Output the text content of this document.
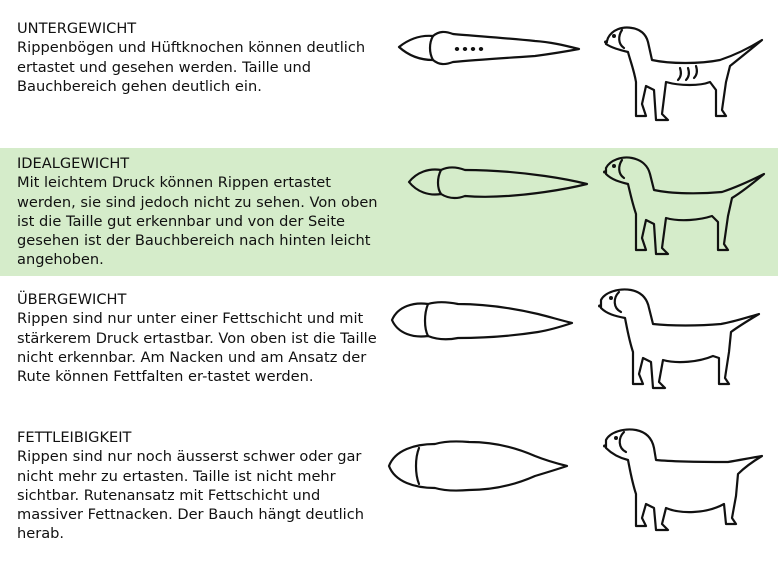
UNTERGEWICHT
Rippenbögen und Hüftknochen können deutlich ertastet und gesehen werden. Taille und Bauchbereich gehen deutlich ein.
IDEALGEWICHT
Mit leichtem Druck können Rippen ertastet werden, sie sind jedoch nicht zu sehen. Von oben ist die Taille gut erkennbar und von der Seite gesehen ist der Bauchbereich nach hinten leicht angehoben.
ÜBERGEWICHT
Rippen sind nur unter einer Fettschicht und mit stärkerem Druck ertastbar. Von oben ist die Taille nicht erkennbar. Am Nacken und am Ansatz der Rute können Fettfalten er-tastet werden.
FETTLEIBIGKEIT
Rippen sind nur noch äusserst schwer oder gar nicht mehr zu ertasten. Taille ist nicht mehr sichtbar. Rutenansatz mit Fettschicht und massiver Fettnacken. Der Bauch hängt deutlich herab.
